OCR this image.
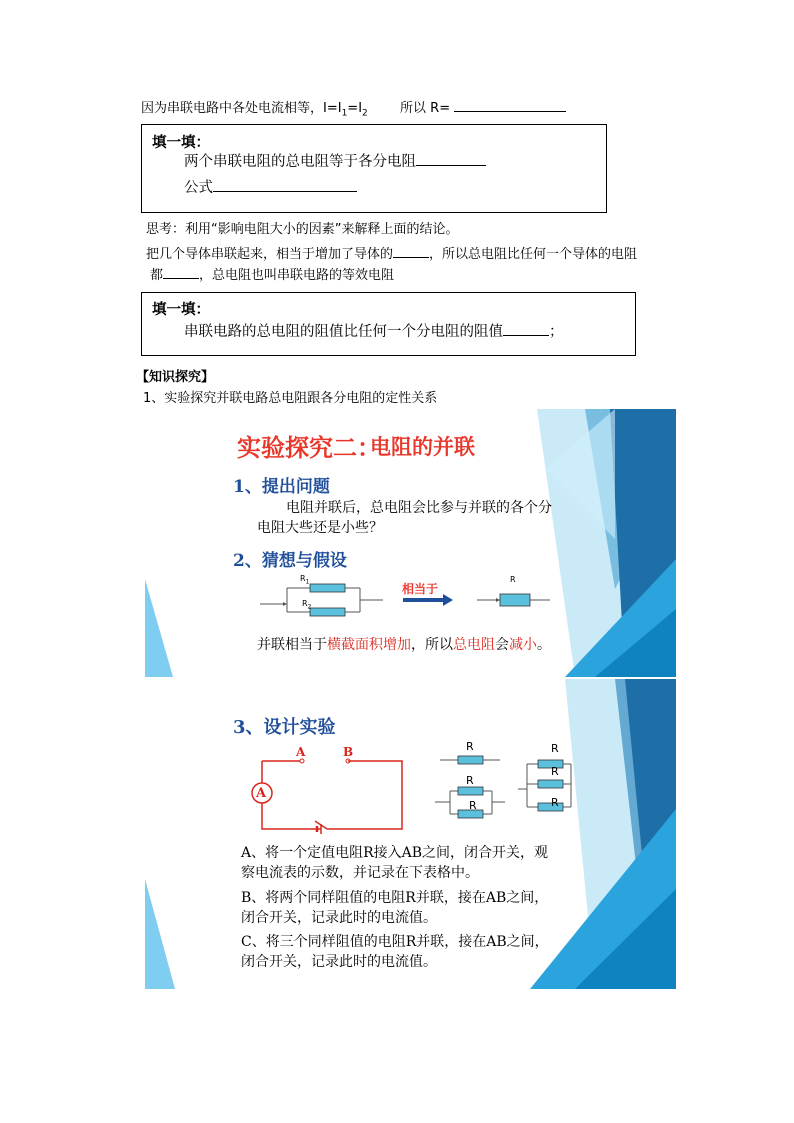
因为串联电路中各处电流相等，$I=I_1=I_2$ 所以 R=
填一填：
两个串联电阻的总电阻等于各分电阻
公式
思考：利用“影响电阻大小的因素”来解释上面的结论。
把几个导体串联起来，相当于增加了导体的	，所以总电阻比任何一个导体的电阻
都	，总电阻也叫串联电路的等效电阻
填一填：
串联电路的总电阻的阻值比任何一个分电阻的阻值	；
【知识探究】
1、实验探究并联电路总电阻跟各分电阻的定性关系
实验探究二：
电阻的并联
1、提出问题
电阻并联后，总电阻会比参与并联的各个分
电阻大些还是小些？
2、猜想与假设
$R_1$
$R_2$
相当于
R
并联相当于横截面积增加，所以总电阻会减小。
3、设计实验
A	B
A
R
R
R
R
R
R
A、将一个定值电阻R接入AB之间，闭合开关，观
察电流表的示数，并记录在下表格中。
B、将两个同样阻值的电阻R并联，接在AB之间，
闭合开关，记录此时的电流值。
C、将三个同样阻值的电阻R并联，接在AB之间，
闭合开关，记录此时的电流值。
